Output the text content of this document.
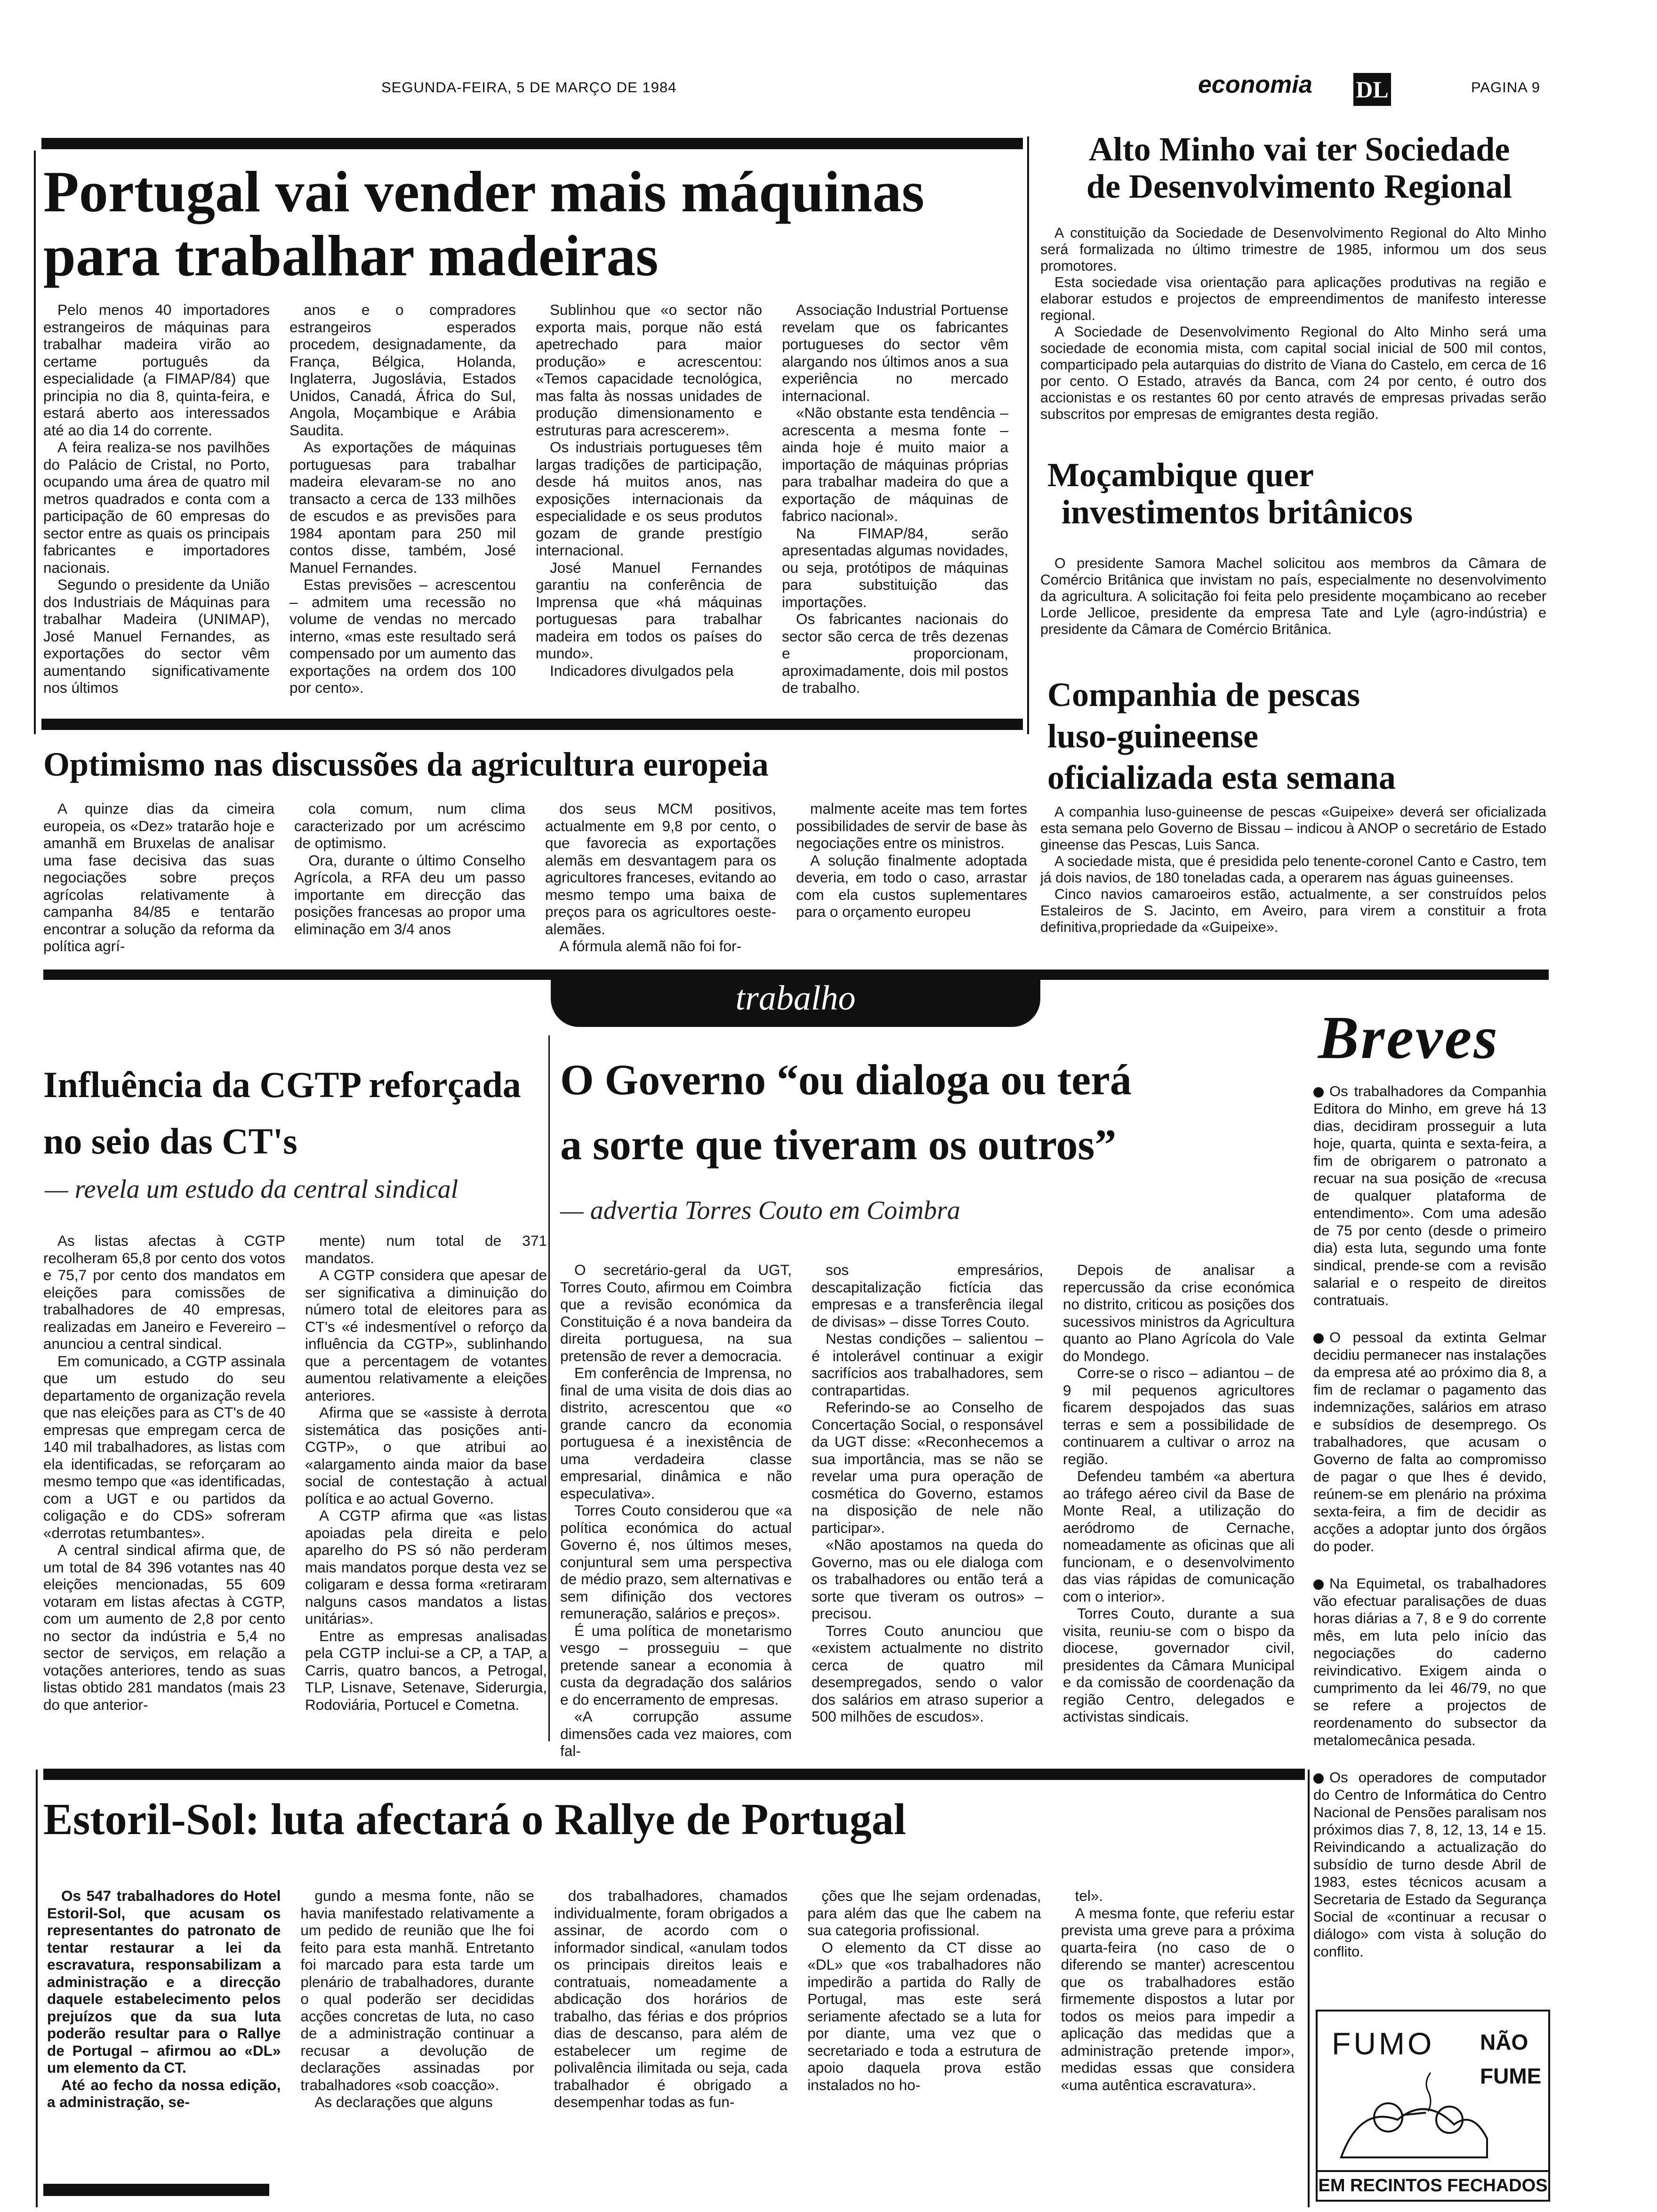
SEGUNDA-FEIRA, 5 DE MARÇO DE 1984	economia DL	PAGINA 9
Portugal vai vender mais máquinas
para trabalhar madeiras

Pelo menos 40 importadores estrangeiros de máquinas para trabalhar madeira virão ao certame português da especialidade (a FIMAP/84) que principia no dia 8, quinta-feira, e estará aberto aos interessados até ao dia 14 do corrente.

A feira realiza-se nos pavilhões do Palácio de Cristal, no Porto, ocupando uma área de quatro mil metros quadrados e conta com a participação de 60 empresas do sector entre as quais os principais fabricantes e importadores nacionais.

Segundo o presidente da União dos Industriais de Máquinas para trabalhar Madeira (UNIMAP), José Manuel Fernandes, as exportações do sector vêm aumentando significativamente nos últimos

anos e o compradores estrangeiros esperados procedem, designadamente, da França, Bélgica, Holanda, Inglaterra, Jugoslávia, Estados Unidos, Canadá, África do Sul, Angola, Moçambique e Arábia Saudita.

As exportações de máquinas portuguesas para trabalhar madeira elevaram-se no ano transacto a cerca de 133 milhões de escudos e as previsões para 1984 apontam para 250 mil contos disse, também, José Manuel Fernandes.

Estas previsões – acrescentou – admitem uma recessão no volume de vendas no mercado interno, «mas este resultado será compensado por um aumento das exportações na ordem dos 100 por cento».

Sublinhou que «o sector não exporta mais, porque não está apetrechado para maior produção» e acrescentou: «Temos capacidade tecnológica, mas falta às nossas unidades de produção dimensionamento e estruturas para acrescerem».

Os industriais portugueses têm largas tradições de participação, desde há muitos anos, nas exposições internacionais da especialidade e os seus produtos gozam de grande prestígio internacional.

José Manuel Fernandes garantiu na conferência de Imprensa que «há máquinas portuguesas para trabalhar madeira em todos os países do mundo».

Indicadores divulgados pela

Associação Industrial Portuense revelam que os fabricantes portugueses do sector vêm alargando nos últimos anos a sua experiência no mercado internacional.

«Não obstante esta tendência – acrescenta a mesma fonte – ainda hoje é muito maior a importação de máquinas próprias para trabalhar madeira do que a exportação de máquinas de fabrico nacional».

Na FIMAP/84, serão apresentadas algumas novidades, ou seja, protótipos de máquinas para substituição das importações.

Os fabricantes nacionais do sector são cerca de três dezenas e proporcionam, aproximadamente, dois mil postos de trabalho.

Alto Minho vai ter Sociedade
de Desenvolvimento Regional

A constituição da Sociedade de Desenvolvimento Regional do Alto Minho será formalizada no último trimestre de 1985, informou um dos seus promotores.

Esta sociedade visa orientação para aplicações produtivas na região e elaborar estudos e projectos de empreendimentos de manifesto interesse regional.

A Sociedade de Desenvolvimento Regional do Alto Minho será uma sociedade de economia mista, com capital social inicial de 500 mil contos, comparticipado pela autarquias do distrito de Viana do Castelo, em cerca de 16 por cento. O Estado, através da Banca, com 24 por cento, é outro dos accionistas e os restantes 60 por cento através de empresas privadas serão subscritos por empresas de emigrantes desta região.

Moçambique quer
investimentos britânicos

O presidente Samora Machel solicitou aos membros da Câmara de Comércio Britânica que invistam no país, especialmente no desenvolvimento da agricultura. A solicitação foi feita pelo presidente moçambicano ao receber Lorde Jellicoe, presidente da empresa Tate and Lyle (agro-indústria) e presidente da Câmara de Comércio Britânica.

Companhia de pescas
luso-guineense
oficializada esta semana

A companhia luso-guineense de pescas «Guipeixe» deverá ser oficializada esta semana pelo Governo de Bissau – indicou à ANOP o secretário de Estado gineense das Pescas, Luis Sanca.

A sociedade mista, que é presidida pelo tenente-coronel Canto e Castro, tem já dois navios, de 180 toneladas cada, a operarem nas águas guineenses.

Cinco navios camaroeiros estão, actualmente, a ser construídos pelos Estaleiros de S. Jacinto, em Aveiro, para virem a constituir a frota definitiva,propriedade da «Guipeixe».

Optimismo nas discussões da agricultura europeia

A quinze dias da cimeira europeia, os «Dez» tratarão hoje e amanhã em Bruxelas de analisar uma fase decisiva das suas negociações sobre preços agrícolas relativamente à campanha 84/85 e tentarão encontrar a solução da reforma da política agrí-

cola comum, num clima caracterizado por um acréscimo de optimismo.

Ora, durante o último Conselho Agrícola, a RFA deu um passo importante em direcção das posições francesas ao propor uma eliminação em 3/4 anos

dos seus MCM positivos, actualmente em 9,8 por cento, o que favorecia as exportações alemãs em desvantagem para os agricultores franceses, evitando ao mesmo tempo uma baixa de preços para os agricultores oeste-alemães.

A fórmula alemã não foi for-

malmente aceite mas tem fortes possibilidades de servir de base às negociações entre os ministros.

A solução finalmente adoptada deveria, em todo o caso, arrastar com ela custos suplementares para o orçamento europeu

trabalho
Influência da CGTP reforçada
no seio das CT's
— revela um estudo da central sindical

As listas afectas à CGTP recolheram 65,8 por cento dos votos e 75,7 por cento dos mandatos em eleições para comissões de trabalhadores de 40 empresas, realizadas em Janeiro e Fevereiro – anunciou a central sindical.

Em comunicado, a CGTP assinala que um estudo do seu departamento de organização revela que nas eleições para as CT's de 40 empresas que empregam cerca de 140 mil trabalhadores, as listas com ela identificadas, se reforçaram ao mesmo tempo que «as identificadas, com a UGT e ou partidos da coligação e do CDS» sofreram «derrotas retumbantes».

A central sindical afirma que, de um total de 84 396 votantes nas 40 eleições mencionadas, 55 609 votaram em listas afectas à CGTP, com um aumento de 2,8 por cento no sector da indústria e 5,4 no sector de serviços, em relação a votações anteriores, tendo as suas listas obtido 281 mandatos (mais 23 do que anterior-

mente) num total de 371 mandatos.

A CGTP considera que apesar de ser significativa a diminuição do número total de eleitores para as CT's «é indesmentível o reforço da influência da CGTP», sublinhando que a percentagem de votantes aumentou relativamente a eleições anteriores.

Afirma que se «assiste à derrota sistemática das posições anti-CGTP», o que atribui ao «alargamento ainda maior da base social de contestação à actual política e ao actual Governo.

A CGTP afirma que «as listas apoiadas pela direita e pelo aparelho do PS só não perderam mais mandatos porque desta vez se coligaram e dessa forma «retiraram nalguns casos mandatos a listas unitárias».

Entre as empresas analisadas pela CGTP inclui-se a CP, a TAP, a Carris, quatro bancos, a Petrogal, TLP, Lisnave, Setenave, Siderurgia, Rodoviária, Portucel e Cometna.

O Governo “ou dialoga ou terá
a sorte que tiveram os outros”
— advertia Torres Couto em Coimbra

O secretário-geral da UGT, Torres Couto, afirmou em Coimbra que a revisão económica da Constituição é a nova bandeira da direita portuguesa, na sua pretensão de rever a democracia.

Em conferência de Imprensa, no final de uma visita de dois dias ao distrito, acrescentou que «o grande cancro da economia portuguesa é a inexistência de uma verdadeira classe empresarial, dinâmica e não especulativa».

Torres Couto considerou que «a política económica do actual Governo é, nos últimos meses, conjuntural sem uma perspectiva de médio prazo, sem alternativas e sem difinição dos vectores remuneração, salários e preços».

É uma política de monetarismo vesgo – prosseguiu – que pretende sanear a economia à custa da degradação dos salários e do encerramento de empresas.

«A corrupção assume dimensões cada vez maiores, com fal-

sos empresários, descapitalização fictícia das empresas e a transferência ilegal de divisas» – disse Torres Couto.

Nestas condições – salientou – é intolerável continuar a exigir sacrifícios aos trabalhadores, sem contrapartidas.

Referindo-se ao Conselho de Concertação Social, o responsável da UGT disse: «Reconhecemos a sua importância, mas se não se revelar uma pura operação de cosmética do Governo, estamos na disposição de nele não participar».

«Não apostamos na queda do Governo, mas ou ele dialoga com os trabalhadores ou então terá a sorte que tiveram os outros» – precisou.

Torres Couto anunciou que «existem actualmente no distrito cerca de quatro mil desempregados, sendo o valor dos salários em atraso superior a 500 milhões de escudos».

Depois de analisar a repercussão da crise económica no distrito, criticou as posições dos sucessivos ministros da Agricultura quanto ao Plano Agrícola do Vale do Mondego.

Corre-se o risco – adiantou – de 9 mil pequenos agricultores ficarem despojados das suas terras e sem a possibilidade de continuarem a cultivar o arroz na região.

Defendeu também «a abertura ao tráfego aéreo civil da Base de Monte Real, a utilização do aeródromo de Cernache, nomeadamente as oficinas que ali funcionam, e o desenvolvimento das vias rápidas de comunicação com o interior».

Torres Couto, durante a sua visita, reuniu-se com o bispo da diocese, governador civil, presidentes da Câmara Municipal e da comissão de coordenação da região Centro, delegados e activistas sindicais.

Breves

Os trabalhadores da Companhia Editora do Minho, em greve há 13 dias, decidiram prosseguir a luta hoje, quarta, quinta e sexta-feira, a fim de obrigarem o patronato a recuar na sua posição de «recusa de qualquer plataforma de entendimento». Com uma adesão de 75 por cento (desde o primeiro dia) esta luta, segundo uma fonte sindical, prende-se com a revisão salarial e o respeito de direitos contratuais.

O pessoal da extinta Gelmar decidiu permanecer nas instalações da empresa até ao próximo dia 8, a fim de reclamar o pagamento das indemnizações, salários em atraso e subsídios de desemprego. Os trabalhadores, que acusam o Governo de falta ao compromisso de pagar o que lhes é devido, reúnem-se em plenário na próxima sexta-feira, a fim de decidir as acções a adoptar junto dos órgãos do poder.

Na Equimetal, os trabalhadores vão efectuar paralisações de duas horas diárias a 7, 8 e 9 do corrente mês, em luta pelo início das negociações do caderno reivindicativo. Exigem ainda o cumprimento da lei 46/79, no que se refere a projectos de reordenamento do subsector da metalomecânica pesada.

Os operadores de computador do Centro de Informática do Centro Nacional de Pensões paralisam nos próximos dias 7, 8, 12, 13, 14 e 15. Reivindicando a actualização do subsídio de turno desde Abril de 1983, estes técnicos acusam a Secretaria de Estado da Segurança Social de «continuar a recusar o diálogo» com vista à solução do conflito.

Estoril-Sol: luta afectará o Rallye de Portugal

Os 547 trabalhadores do Hotel Estoril-Sol, que acusam os representantes do patronato de tentar restaurar a lei da escravatura, responsabilizam a administração e a direcção daquele estabelecimento pelos prejuízos que da sua luta poderão resultar para o Rallye de Portugal – afirmou ao «DL» um elemento da CT.

Até ao fecho da nossa edição, a administração, se-

gundo a mesma fonte, não se havia manifestado relativamente a um pedido de reunião que lhe foi feito para esta manhã. Entretanto foi marcado para esta tarde um plenário de trabalhadores, durante o qual poderão ser decididas acções concretas de luta, no caso de a administração continuar a recusar a devolução de declarações assinadas por trabalhadores «sob coacção».

As declarações que alguns

dos trabalhadores, chamados individualmente, foram obrigados a assinar, de acordo com o informador sindical, «anulam todos os principais direitos leais e contratuais, nomeadamente a abdicação dos horários de trabalho, das férias e dos próprios dias de descanso, para além de estabelecer um regime de polivalência ilimitada ou seja, cada trabalhador é obrigado a desempenhar todas as fun-

ções que lhe sejam ordenadas, para além das que lhe cabem na sua categoria profissional.

O elemento da CT disse ao «DL» que «os trabalhadores não impedirão a partida do Rally de Portugal, mas este será seriamente afectado se a luta for por diante, uma vez que o secretariado e toda a estrutura de apoio daquela prova estão instalados no ho-

tel».

A mesma fonte, que referiu estar prevista uma greve para a próxima quarta-feira (no caso de o diferendo se manter) acrescentou que os trabalhadores estão firmemente dispostos a lutar por todos os meios para impedir a aplicação das medidas que a administração pretende impor», medidas essas que considera «uma autêntica escravatura».

FUMO NÃO
FUME
EM RECINTOS FECHADOS
